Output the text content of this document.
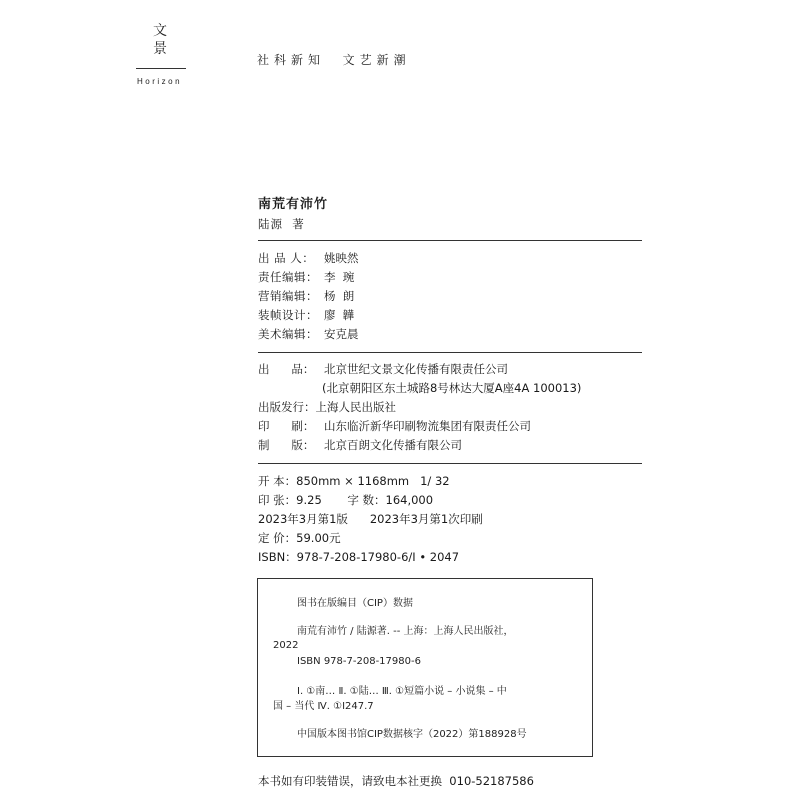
文
景
Horizon
社科新知  文艺新潮
南荒有沛竹
陆源  著
出 品 人： 姚映然
责任编辑： 李  琬
营销编辑： 杨  朗
装帧设计： 廖  韡
美术编辑： 安克晨
出      品： 北京世纪文景文化传播有限责任公司
(北京朝阳区东土城路8号林达大厦A座4A 100013)
出版发行：上海人民出版社
印      刷： 山东临沂新华印刷物流集团有限责任公司
制      版： 北京百朗文化传播有限公司
开 本：850mm × 1168mm   1/ 32
印 张：9.25       字 数：164,000
2023年3月第1版      2023年3月第1次印刷
定 价：59.00元
ISBN：978-7-208-17980-6/I • 2047
图书在版编目（CIP）数据
南荒有沛竹 / 陆源著. -- 上海：上海人民出版社，
2022
ISBN 978-7-208-17980-6
Ⅰ. ①南… Ⅱ. ①陆… Ⅲ. ①短篇小说 – 小说集 – 中
国 – 当代 Ⅳ. ①I247.7
中国版本图书馆CIP数据核字（2022）第188928号
本书如有印装错误，请致电本社更换  010-52187586
